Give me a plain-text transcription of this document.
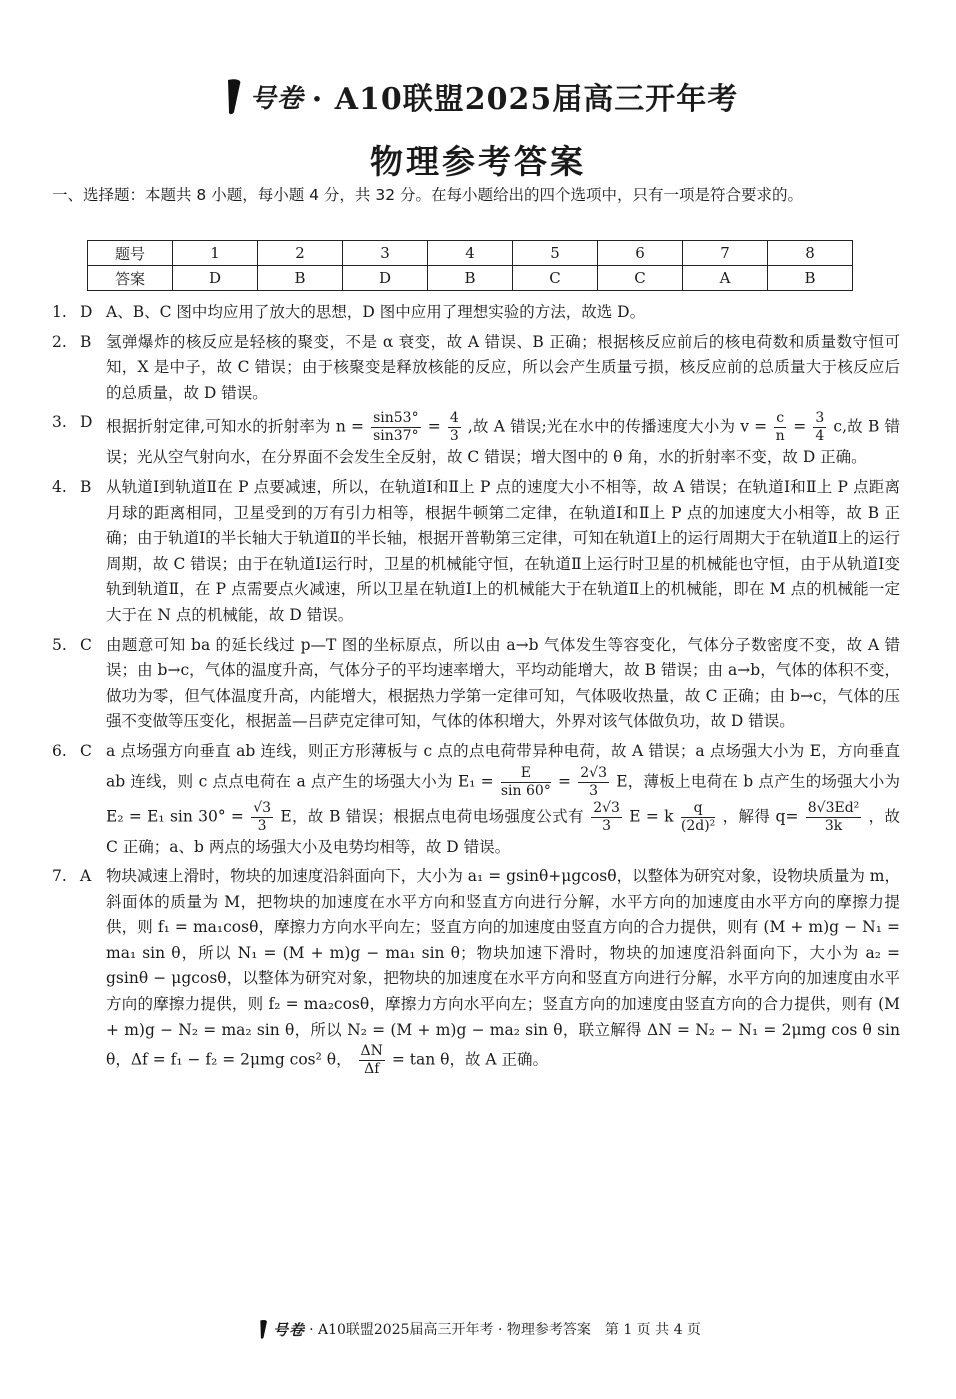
号卷 · A10联盟2025届高三开年考
物理参考答案
一、选择题：本题共 8 小题，每小题 4 分，共 32 分。在每小题给出的四个选项中，只有一项是符合要求的。
题号	1	2	3	4	5	6	7	8
答案	D	B	D	B	C	C	A	B
1. D A、B、C 图中均应用了放大的思想，D 图中应用了理想实验的方法，故选 D。
2. B 氢弹爆炸的核反应是轻核的聚变，不是 α 衰变，故 A 错误、B 正确；根据核反应前后的核电荷数和质量数守恒可知，X 是中子，故 C 错误；由于核聚变是释放核能的反应，所以会产生质量亏损，核反应前的总质量大于核反应后的总质量，故 D 错误。
3. D 根据折射定律,可知水的折射率为 $n = \frac{\sin 53^\circ}{\sin 37^\circ} = \frac{4}{3}$ ,故 A 错误;光在水中的传播速度大小为 $v = \frac{c}{n} = \frac{3}{4} c$,故 B 错误；光从空气射向水，在分界面不会发生全反射，故 C 错误；增大图中的 θ 角，水的折射率不变，故 D 正确。
4. B 从轨道Ⅰ到轨道Ⅱ在 P 点要减速，所以，在轨道Ⅰ和Ⅱ上 P 点的速度大小不相等，故 A 错误；在轨道Ⅰ和Ⅱ上 P 点距离月球的距离相同，卫星受到的万有引力相等，根据牛顿第二定律，在轨道Ⅰ和Ⅱ上 P 点的加速度大小相等，故 B 正确；由于轨道Ⅰ的半长轴大于轨道Ⅱ的半长轴，根据开普勒第三定律，可知在轨道Ⅰ上的运行周期大于在轨道Ⅱ上的运行周期，故 C 错误；由于在轨道Ⅰ运行时，卫星的机械能守恒，在轨道Ⅱ上运行时卫星的机械能也守恒，由于从轨道Ⅰ变轨到轨道Ⅱ，在 P 点需要点火减速，所以卫星在轨道Ⅰ上的机械能大于在轨道Ⅱ上的机械能，即在 M 点的机械能一定大于在 N 点的机械能，故 D 错误。
5. C 由题意可知 ba 的延长线过 p—T 图的坐标原点，所以由 a→b 气体发生等容变化，气体分子数密度不变，故 A 错误；由 b→c，气体的温度升高，气体分子的平均速率增大，平均动能增大，故 B 错误；由 a→b，气体的体积不变，做功为零，但气体温度升高，内能增大，根据热力学第一定律可知，气体吸收热量，故 C 正确；由 b→c，气体的压强不变做等压变化，根据盖—吕萨克定律可知，气体的体积增大，外界对该气体做负功，故 D 错误。
6. C a 点场强方向垂直 ab 连线，则正方形薄板与 c 点的点电荷带异种电荷，故 A 错误；a 点场强大小为 E，方向垂直 ab 连线，则 c 点点电荷在 a 点产生的场强大小为 $E_1 = \frac{E}{\sin 60^\circ} = \frac{2√3}{3}$ E，薄板上电荷在 b 点产生的场强大小为 E₂ = E₁ $\sin 30^\circ = \frac{√3}{3}$ E，故 B 错误；根据点电荷电场强度公式有 $\frac{2√3}{3}$ E = k $\frac{q}{\text{(2d)²}}$ ，解得 $q= \frac{\text{8√3Ed²}}{3k}$ ，故 C 正确；a、b 两点的场强大小及电势均相等，故 D 错误。
7. A 物块减速上滑时，物块的加速度沿斜面向下，大小为 a₁ = gsinθ+μgcosθ，以整体为研究对象，设物块质量为 m，斜面体的质量为 M，把物块的加速度在水平方向和竖直方向进行分解，水平方向的加速度由水平方向的摩擦力提供，则 f₁ = ma₁cosθ，摩擦力方向水平向左；竖直方向的加速度由竖直方向的合力提供，则有 (M + m)g − N₁ = ma₁ sin θ，所以 N₁ = (M + m)g − ma₁ sin θ；物块加速下滑时，物块的加速度沿斜面向下，大小为 a₂ = gsinθ − μgcosθ，以整体为研究对象，把物块的加速度在水平方向和竖直方向进行分解，水平方向的加速度由水平方向的摩擦力提供，则 f₂ = ma₂cosθ，摩擦力方向水平向左；竖直方向的加速度由竖直方向的合力提供，则有 (M + m)g − N₂ = ma₂ sin θ，所以 N₂ = (M + m)g − ma₂ sin θ，联立解得 ΔN = N₂ − N₁ = 2μmg cos θ sin θ，Δf = f₁ − f₂ = 2μmg cos² θ， $\frac{\Delta N}{\Delta f} = \tan \theta$，故 A 正确。
号卷 · A10联盟2025届高三开年考 · 物理参考答案　第 1 页 共 4 页
